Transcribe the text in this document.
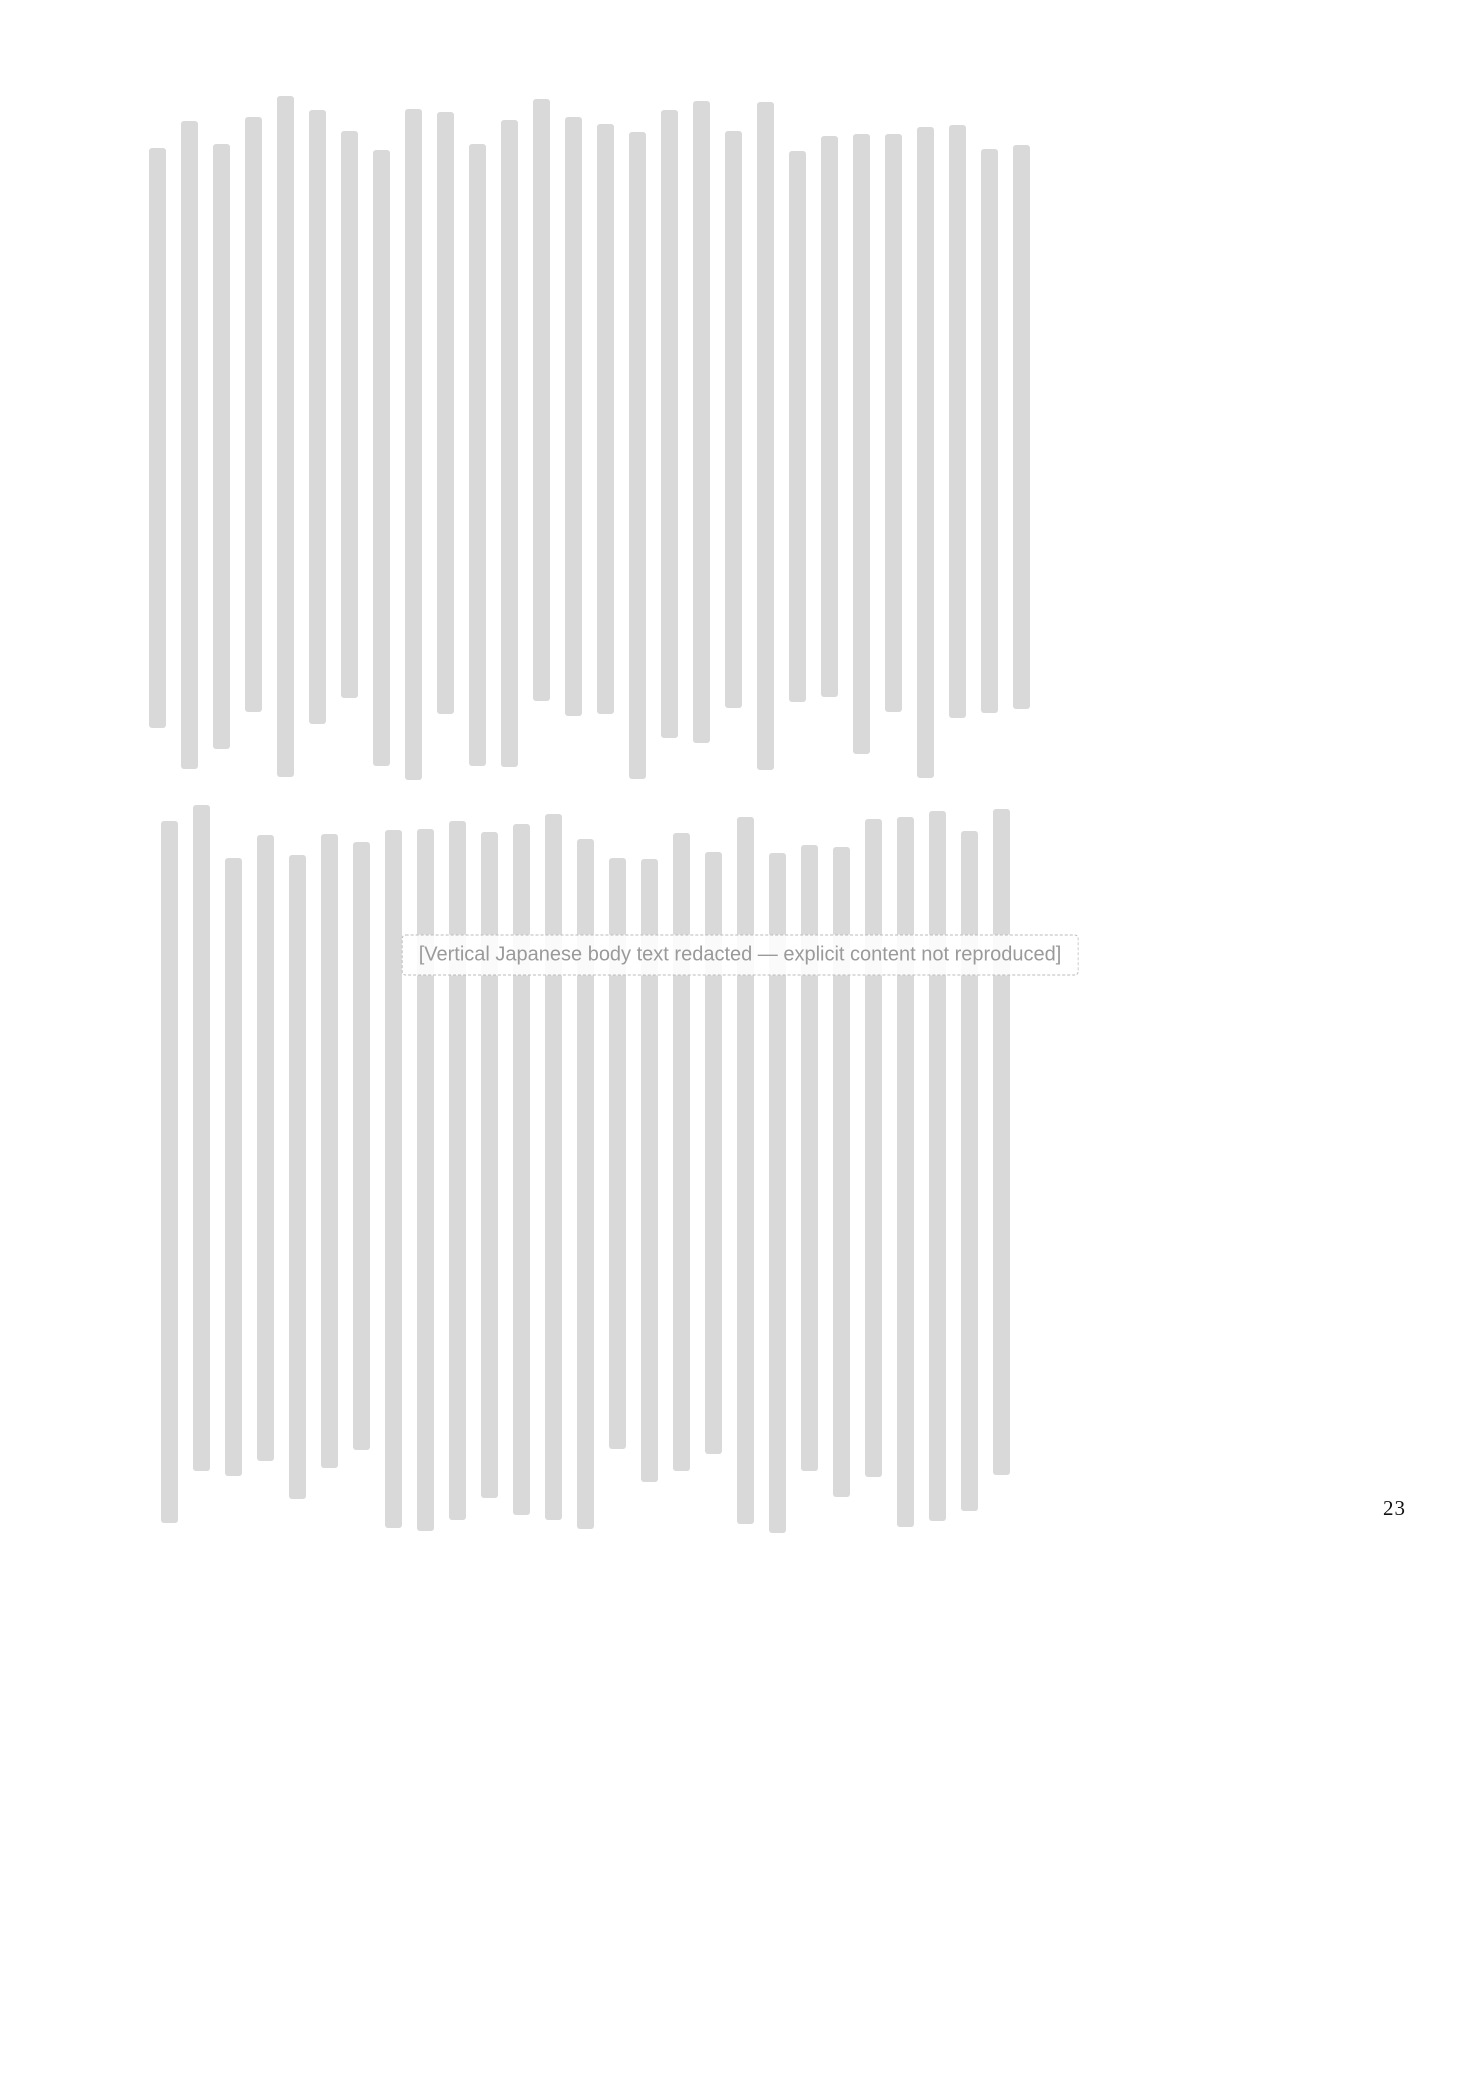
[Vertical Japanese body text redacted — explicit content not reproduced]
23
